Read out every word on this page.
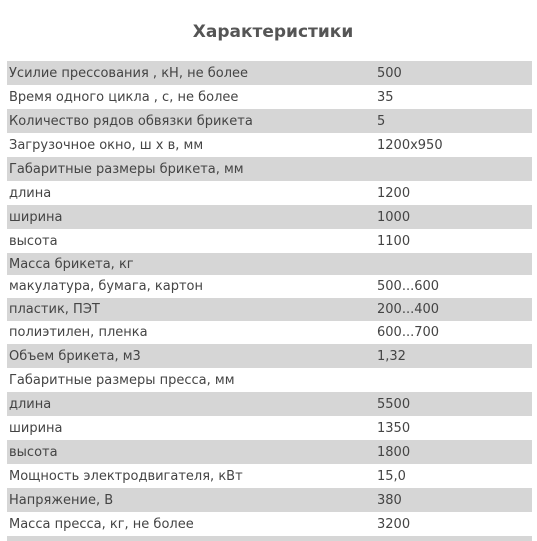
Характеристики
Усилие прессования , кН, не более	500
Время одного цикла , с, не более	35
Количество рядов обвязки брикета	5
Загрузочное окно, ш х в, мм	1200x950
Габаритные размеры брикета, мм	
длина	1200
ширина	1000
высота	1100
Масса брикета, кг	
макулатура, бумага, картон	500...600
пластик, ПЭТ	200...400
полиэтилен, пленка	600...700
Объем брикета, м3	1,32
Габаритные размеры пресса, мм	
длина	5500
ширина	1350
высота	1800
Мощность электродвигателя, кВт	15,0
Напряжение, В	380
Масса пресса, кг, не более	3200
